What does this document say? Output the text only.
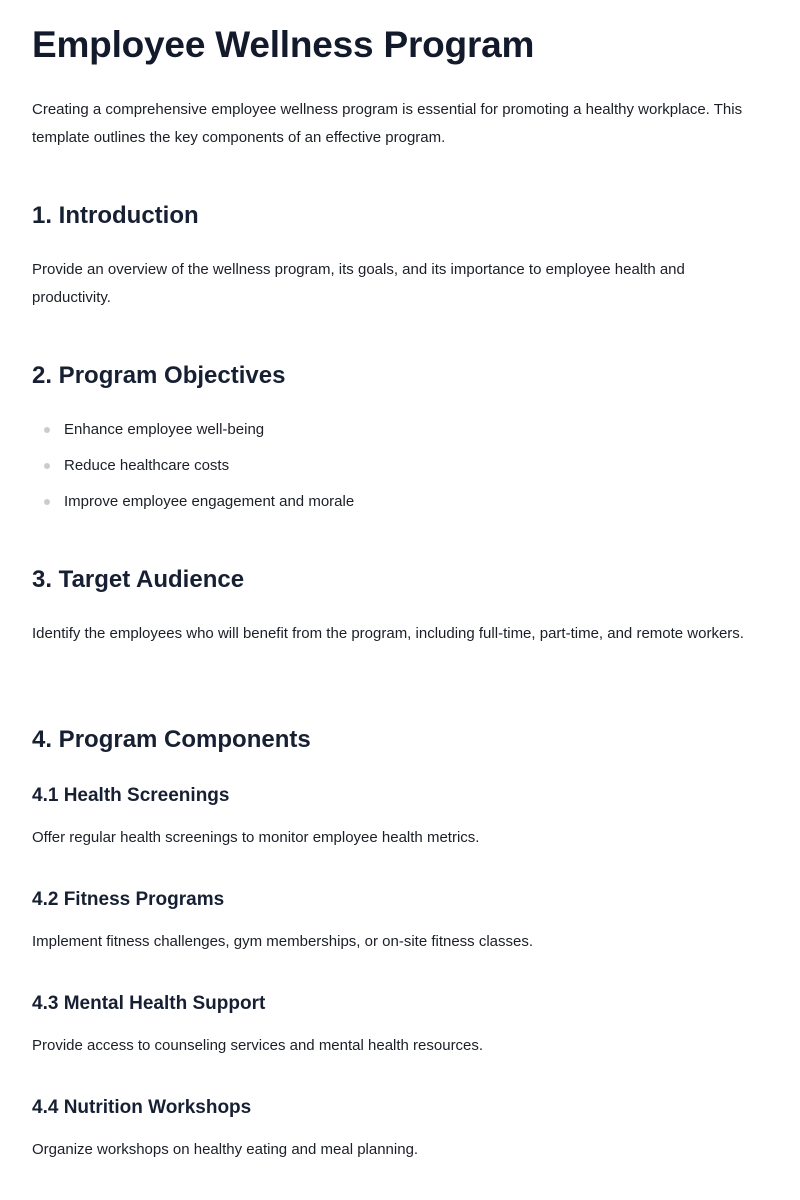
Employee Wellness Program

Creating a comprehensive employee wellness program is essential for promoting a healthy workplace. This template outlines the key components of an effective program.

1. Introduction

Provide an overview of the wellness program, its goals, and its importance to employee health and productivity.

2. Program Objectives
Enhance employee well-being
Reduce healthcare costs
Improve employee engagement and morale
3. Target Audience

Identify the employees who will benefit from the program, including full-time, part-time, and remote workers.

4. Program Components
4.1 Health Screenings

Offer regular health screenings to monitor employee health metrics.

4.2 Fitness Programs

Implement fitness challenges, gym memberships, or on-site fitness classes.

4.3 Mental Health Support

Provide access to counseling services and mental health resources.

4.4 Nutrition Workshops

Organize workshops on healthy eating and meal planning.
